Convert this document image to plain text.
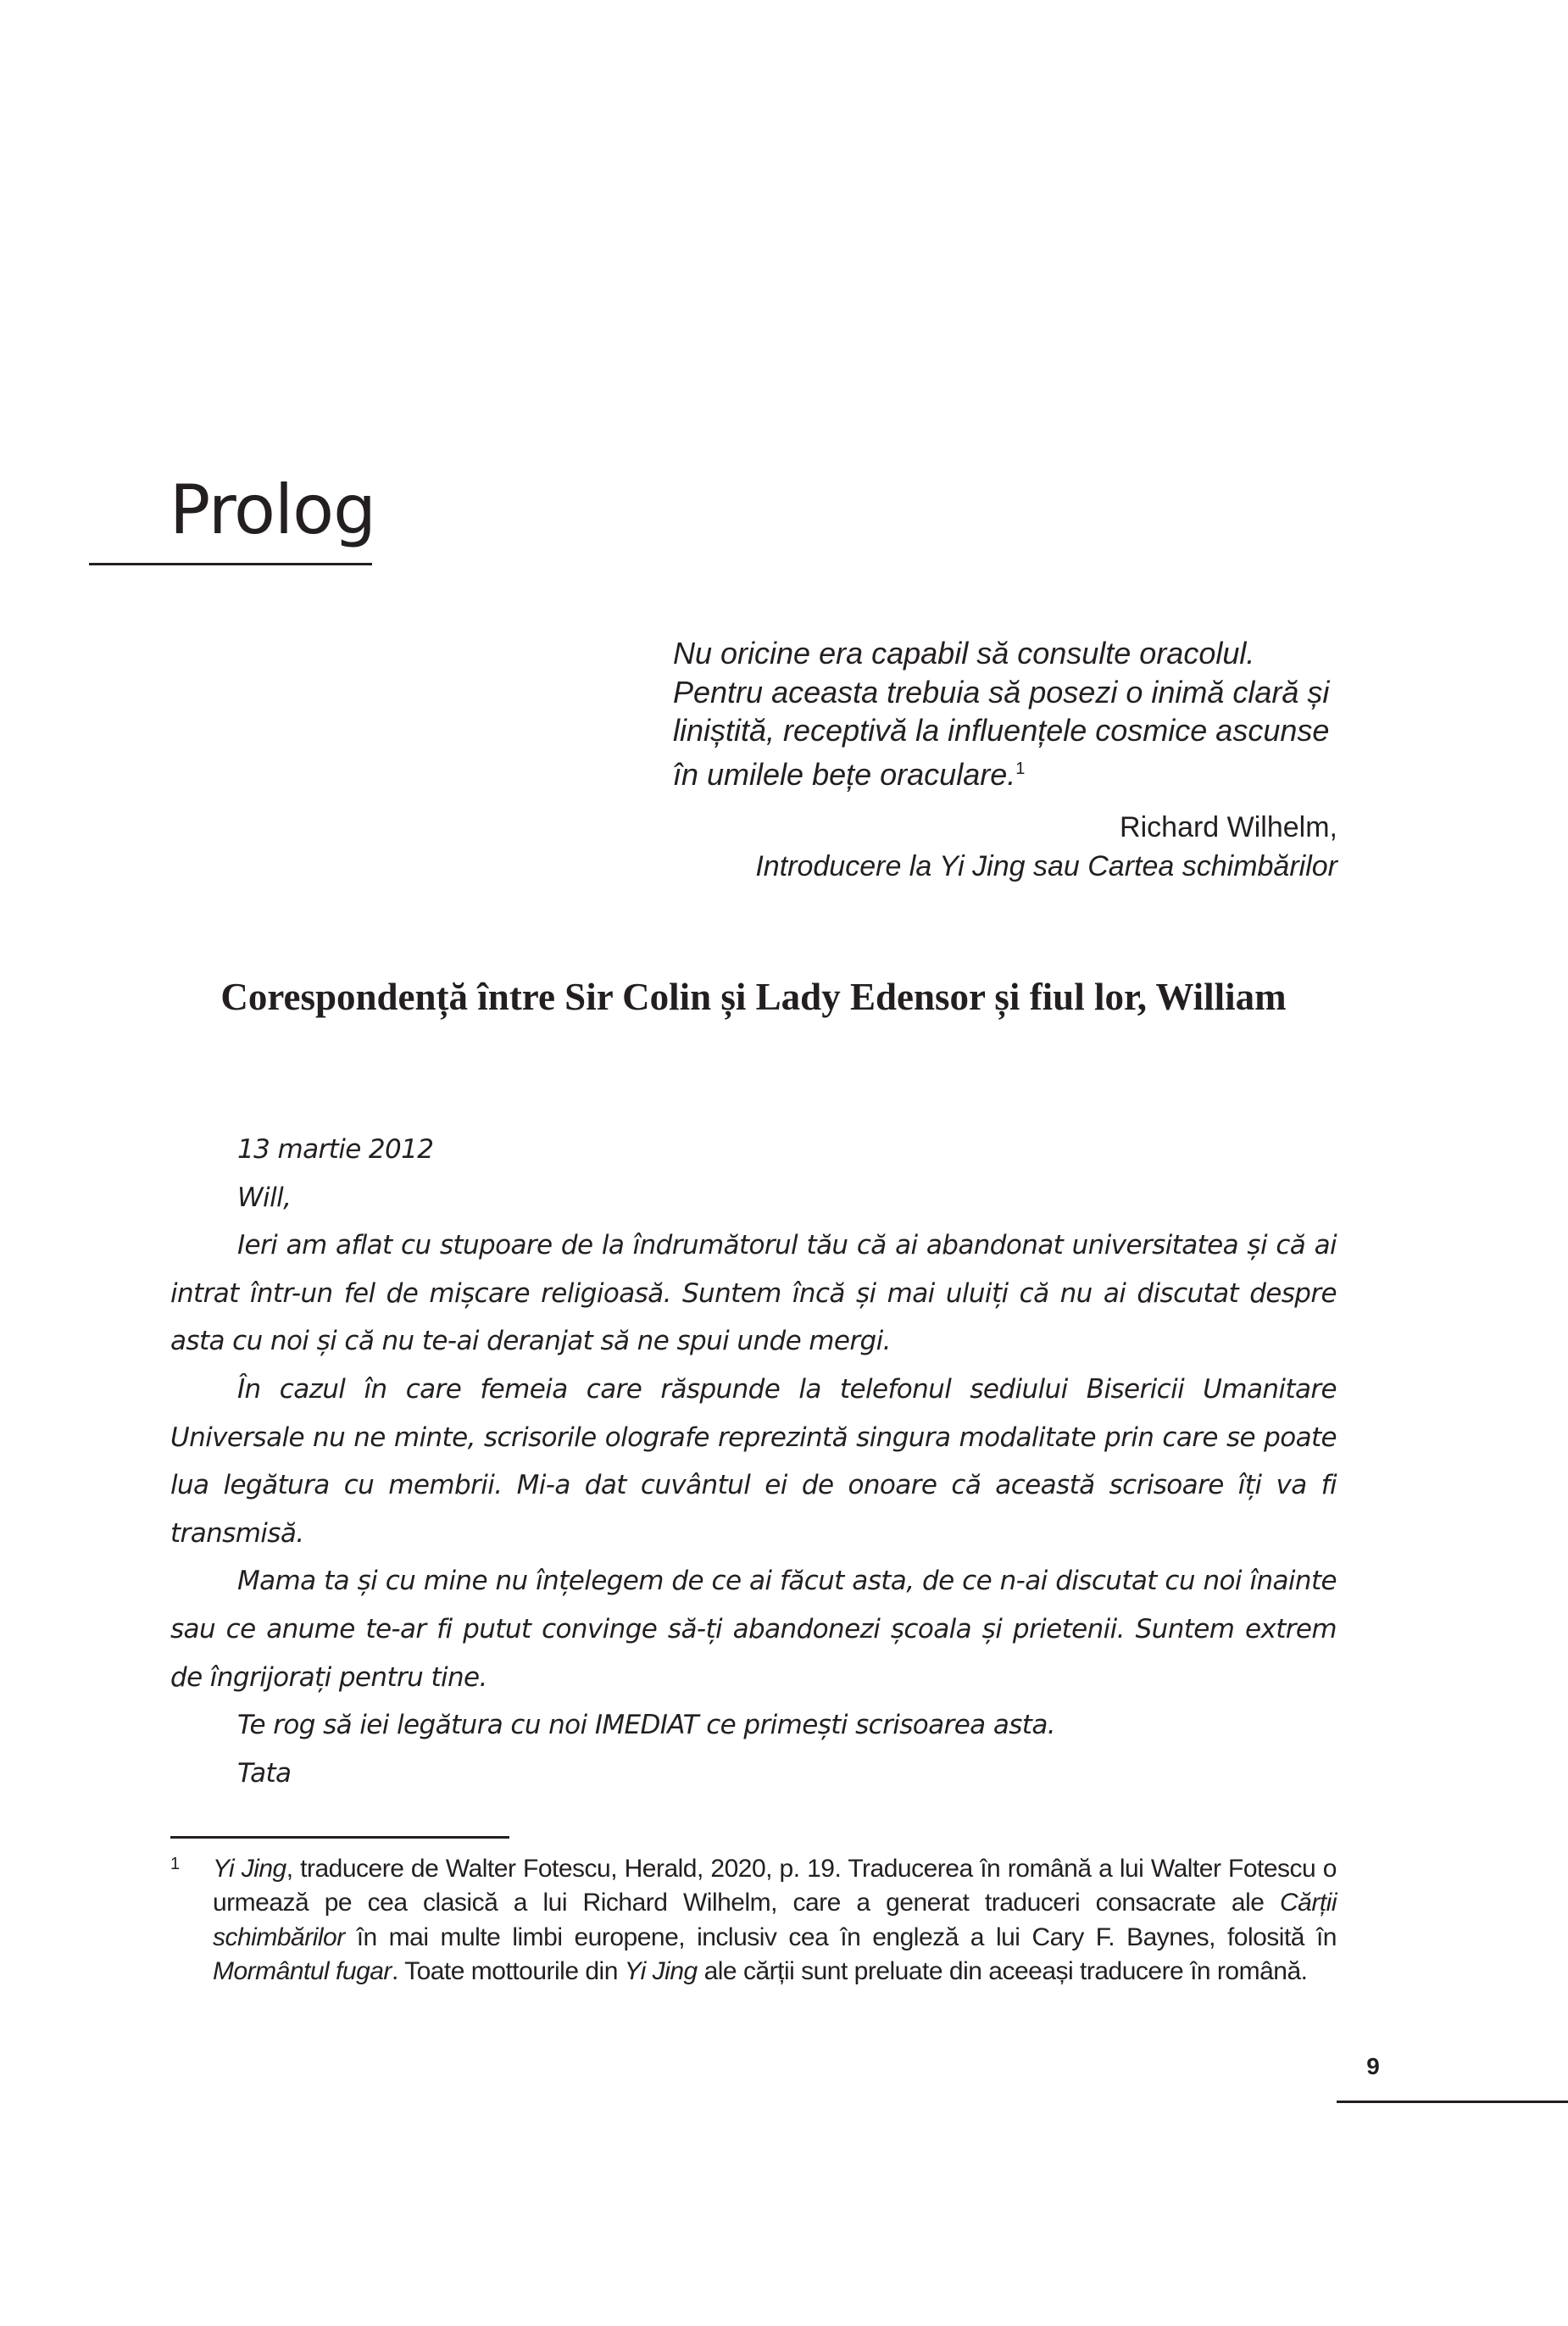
Prolog
Nu oricine era capabil să consulte oracolul. Pentru aceasta trebuia să posezi o inimă clară și liniștită, receptivă la influențele cosmice ascunse în umilele bețe oraculare.$^1$
Richard Wilhelm,
Introducere la Yi Jing sau Cartea schimbărilor
Corespondență între Sir Colin și Lady Edensor și fiul lor, William

13 martie 2012

Will,

Ieri am aflat cu stupoare de la îndrumătorul tău că ai abandonat universitatea și că ai intrat într-un fel de mișcare religioasă. Suntem încă și mai uluiți că nu ai discutat despre asta cu noi și că nu te-ai deranjat să ne spui unde mergi.

În cazul în care femeia care răspunde la telefonul sediului Bisericii Umanitare Universale nu ne minte, scrisorile olografe reprezintă singura modalitate prin care se poate lua legătura cu membrii. Mi-a dat cuvântul ei de onoare că această scrisoare îți va fi transmisă.

Mama ta și cu mine nu înțelegem de ce ai făcut asta, de ce n-ai discutat cu noi înainte sau ce anume te-ar fi putut convinge să-ți abandonezi școala și prietenii. Suntem extrem de îngrijorați pentru tine.

Te rog să iei legătura cu noi IMEDIAT ce primești scrisoarea asta.

Tata

1 Yi Jing, traducere de Walter Fotescu, Herald, 2020, p. 19. Traducerea în română a lui Walter Fotescu o urmează pe cea clasică a lui Richard Wilhelm, care a generat traduceri consacrate ale Cărții schimbărilor în mai multe limbi europene, inclusiv cea în engleză a lui Cary F. Baynes, folosită în Mormântul fugar. Toate mottourile din Yi Jing ale cărții sunt preluate din aceeași traducere în română.
9
